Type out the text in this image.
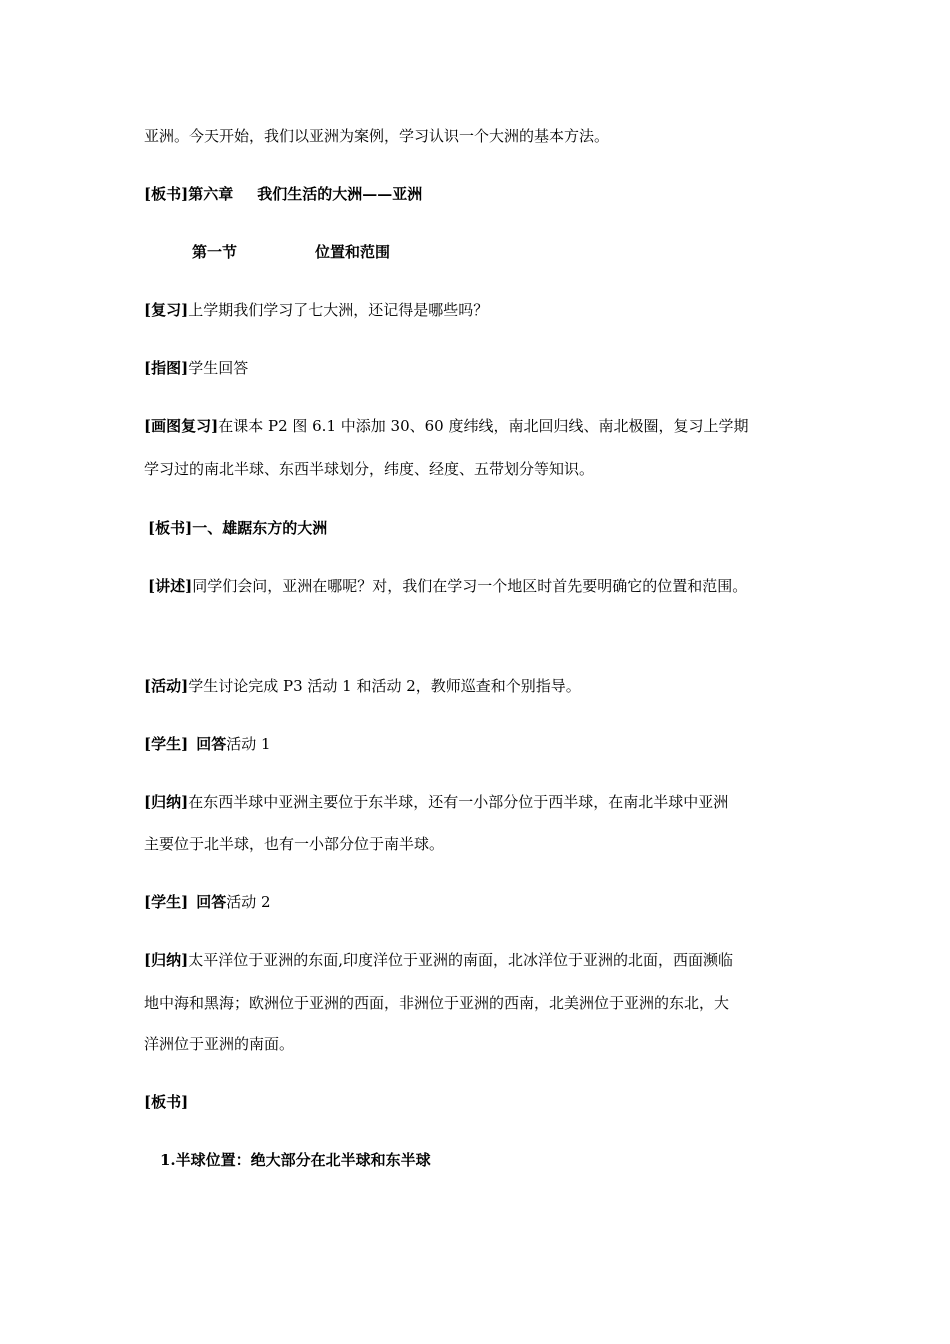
亚洲。今天开始，我们以亚洲为案例，学习认识一个大洲的基本方法。
[板书]第六章 我们生活的大洲——亚洲
第一节	位置和范围
[复习]上学期我们学习了七大洲，还记得是哪些吗？
[指图]学生回答
[画图复习]在课本 P2 图 6.1 中添加 30、60 度纬线，南北回归线、南北极圈，复习上学期
学习过的南北半球、东西半球划分，纬度、经度、五带划分等知识。
[板书]一、雄踞东方的大洲
[讲述]同学们会问，亚洲在哪呢？对，我们在学习一个地区时首先要明确它的位置和范围。
[活动]学生讨论完成 P3 活动 1 和活动 2，教师巡查和个别指导。
[学生] 回答活动 1
[归纳]在东西半球中亚洲主要位于东半球，还有一小部分位于西半球，在南北半球中亚洲
主要位于北半球，也有一小部分位于南半球。
[学生] 回答活动 2
[归纳]太平洋位于亚洲的东面,印度洋位于亚洲的南面，北冰洋位于亚洲的北面，西面濒临
地中海和黑海；欧洲位于亚洲的西面，非洲位于亚洲的西南，北美洲位于亚洲的东北，大
洋洲位于亚洲的南面。
[板书]
1.半球位置：绝大部分在北半球和东半球
